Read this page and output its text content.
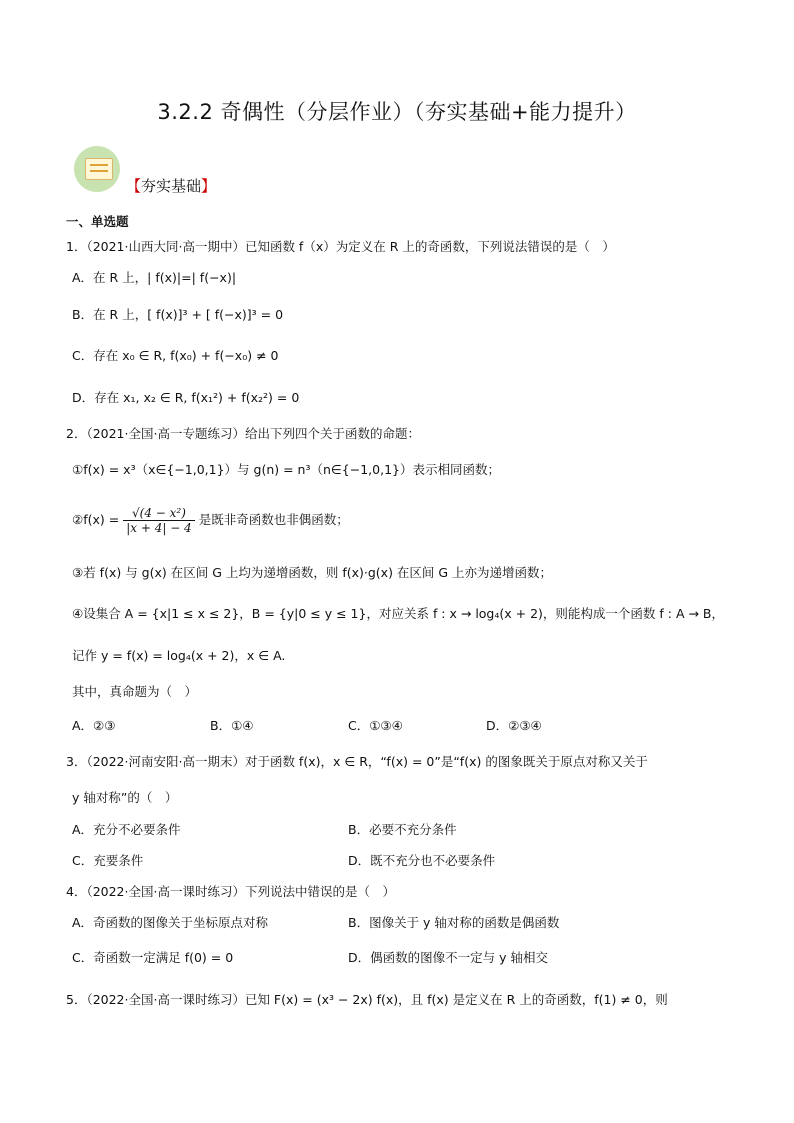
3.2.2 奇偶性（分层作业）（夯实基础+能力提升）
【夯实基础】
一、单选题
1．（2021·山西大同·高一期中）已知函数 f（x）为定义在 R 上的奇函数，下列说法错误的是（　）
A．在 R 上，| f(x)|=| f(−x)|
B．在 R 上，[ f(x)]³ + [ f(−x)]³ = 0
C．存在 x₀ ∈ R, f(x₀) + f(−x₀) ≠ 0
D．存在 x₁, x₂ ∈ R, f(x₁²) + f(x₂²) = 0
2．（2021·全国·高一专题练习）给出下列四个关于函数的命题：
①f(x) = x³（x∈{−1,0,1}）与 g(n) = n³（n∈{−1,0,1}）表示相同函数；
②f(x) = $\frac{\text{√(4 − x²)}}{|x + 4| - 4}$ 是既非奇函数也非偶函数；
③若 f(x) 与 g(x) 在区间 G 上均为递增函数，则 f(x)·g(x) 在区间 G 上亦为递增函数；
④设集合 A = {x|1 ≤ x ≤ 2}，B = {y|0 ≤ y ≤ 1}，对应关系 f : x → log₄(x + 2)，则能构成一个函数 f : A → B，
记作 y = f(x) = log₄(x + 2)，x ∈ A.
其中，真命题为（　）
A．②③	B．①④	C．①③④	D．②③④
3．（2022·河南安阳·高一期末）对于函数 f(x)，x ∈ R，“f(x) = 0”是“f(x) 的图象既关于原点对称又关于
y 轴对称”的（　）
A．充分不必要条件	B．必要不充分条件
C．充要条件	D．既不充分也不必要条件
4．（2022·全国·高一课时练习）下列说法中错误的是（　）
A．奇函数的图像关于坐标原点对称	B．图像关于 y 轴对称的函数是偶函数
C．奇函数一定满足 f(0) = 0	D．偶函数的图像不一定与 y 轴相交
5．（2022·全国·高一课时练习）已知 F(x) = (x³ − 2x) f(x)，且 f(x) 是定义在 R 上的奇函数，f(1) ≠ 0，则
